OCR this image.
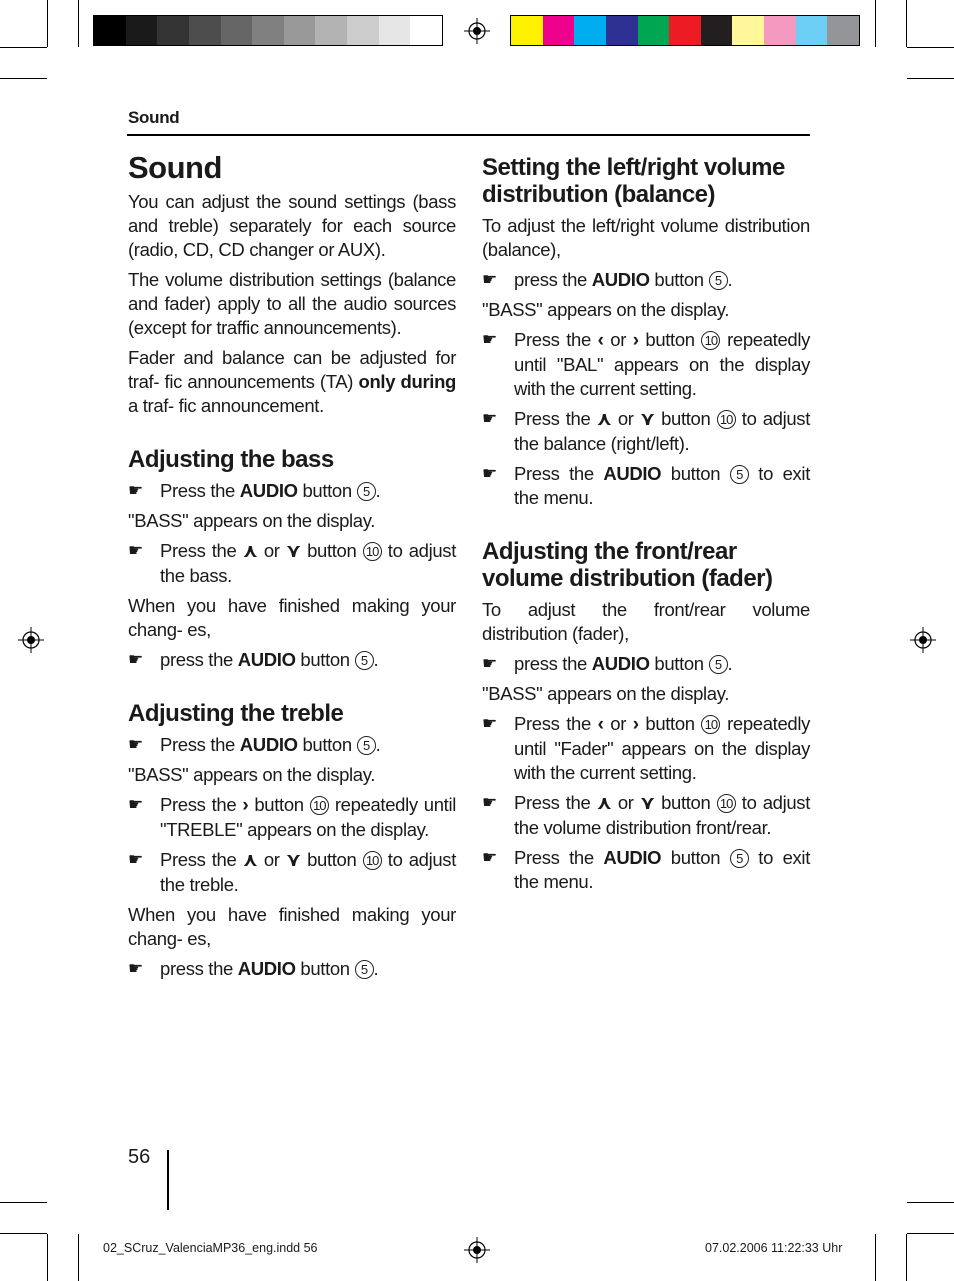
Sound
Sound

You can adjust the sound settings (bass and treble) separately for each source (radio, CD, CD changer or AUX).

The volume distribution settings (balance and fader) apply to all the audio sources (except for traffic announcements).

Fader and balance can be adjusted for traf- fic announcements (TA) only during a traf- fic announcement.

Adjusting the bass
☛ Press the AUDIO button 5 .

"BASS" appears on the display.

☛ Press the ⋏ or ⋎ button 10 to adjust the bass.

When you have finished making your chang- es,

☛ press the AUDIO button 5 .
Adjusting the treble
☛ Press the AUDIO button 5 .

"BASS" appears on the display.

☛ Press the › button 10 repeatedly until "TREBLE" appears on the display.
☛ Press the ⋏ or ⋎ button 10 to adjust the treble.

When you have finished making your chang- es,

☛ press the AUDIO button 5 .
Setting the left/right volume distribution (balance)

To adjust the left/right volume distribution (balance),

☛ press the AUDIO button 5 .

"BASS" appears on the display.

☛ Press the ‹ or › button 10 repeatedly until "BAL" appears on the display with the current setting.
☛ Press the ⋏ or ⋎ button 10 to adjust the balance (right/left).
☛ Press the AUDIO button 5 to exit the menu.
Adjusting the front/rear volume distribution (fader)

To adjust the front/rear volume distribution (fader),

☛ press the AUDIO button 5 .

"BASS" appears on the display.

☛ Press the ‹ or › button 10 repeatedly until "Fader" appears on the display with the current setting.
☛ Press the ⋏ or ⋎ button 10 to adjust the volume distribution front/rear.
☛ Press the AUDIO button 5 to exit the menu.
56
02_SCruz_ValenciaMP36_eng.indd 56	07.02.2006 11:22:33 Uhr
